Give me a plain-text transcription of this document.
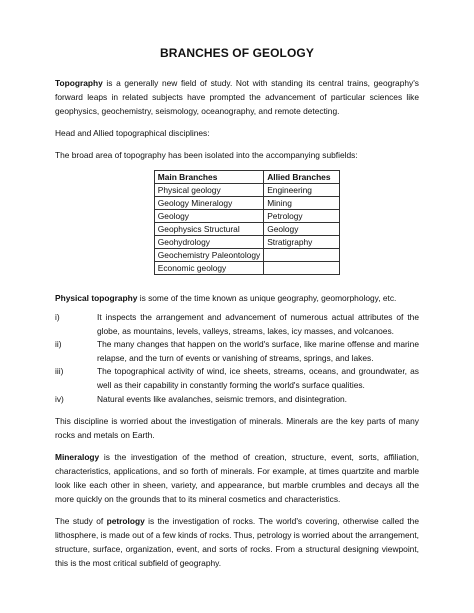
BRANCHES OF GEOLOGY

Topography is a generally new field of study. Not with standing its central trains, geography's forward leaps in related subjects have prompted the advancement of particular sciences like geophysics, geochemistry, seismology, oceanography, and remote detecting.

Head and Allied topographical disciplines:

The broad area of topography has been isolated into the accompanying subfields:

Main Branches	Allied Branches
Physical geology	Engineering
Geology Mineralogy	Mining
Geology	Petrology
Geophysics Structural	Geology
Geohydrology	Stratigraphy
Geochemistry Paleontology	
Economic geology	

Physical topography is some of the time known as unique geography, geomorphology, etc.

i)	It inspects the arrangement and advancement of numerous actual attributes of the globe, as mountains, levels, valleys, streams, lakes, icy masses, and volcanoes.
ii)	The many changes that happen on the world's surface, like marine offense and marine relapse, and the turn of events or vanishing of streams, springs, and lakes.
iii)	The topographical activity of wind, ice sheets, streams, oceans, and groundwater, as well as their capability in constantly forming the world's surface qualities.
iv)	Natural events like avalanches, seismic tremors, and disintegration.

This discipline is worried about the investigation of minerals. Minerals are the key parts of many rocks and metals on Earth.

Mineralogy is the investigation of the method of creation, structure, event, sorts, affiliation, characteristics, applications, and so forth of minerals. For example, at times quartzite and marble look like each other in sheen, variety, and appearance, but marble crumbles and decays all the more quickly on the grounds that to its mineral cosmetics and characteristics.

The study of petrology is the investigation of rocks. The world's covering, otherwise called the lithosphere, is made out of a few kinds of rocks. Thus, petrology is worried about the arrangement, structure, surface, organization, event, and sorts of rocks. From a structural designing viewpoint, this is the most critical subfield of geography.
